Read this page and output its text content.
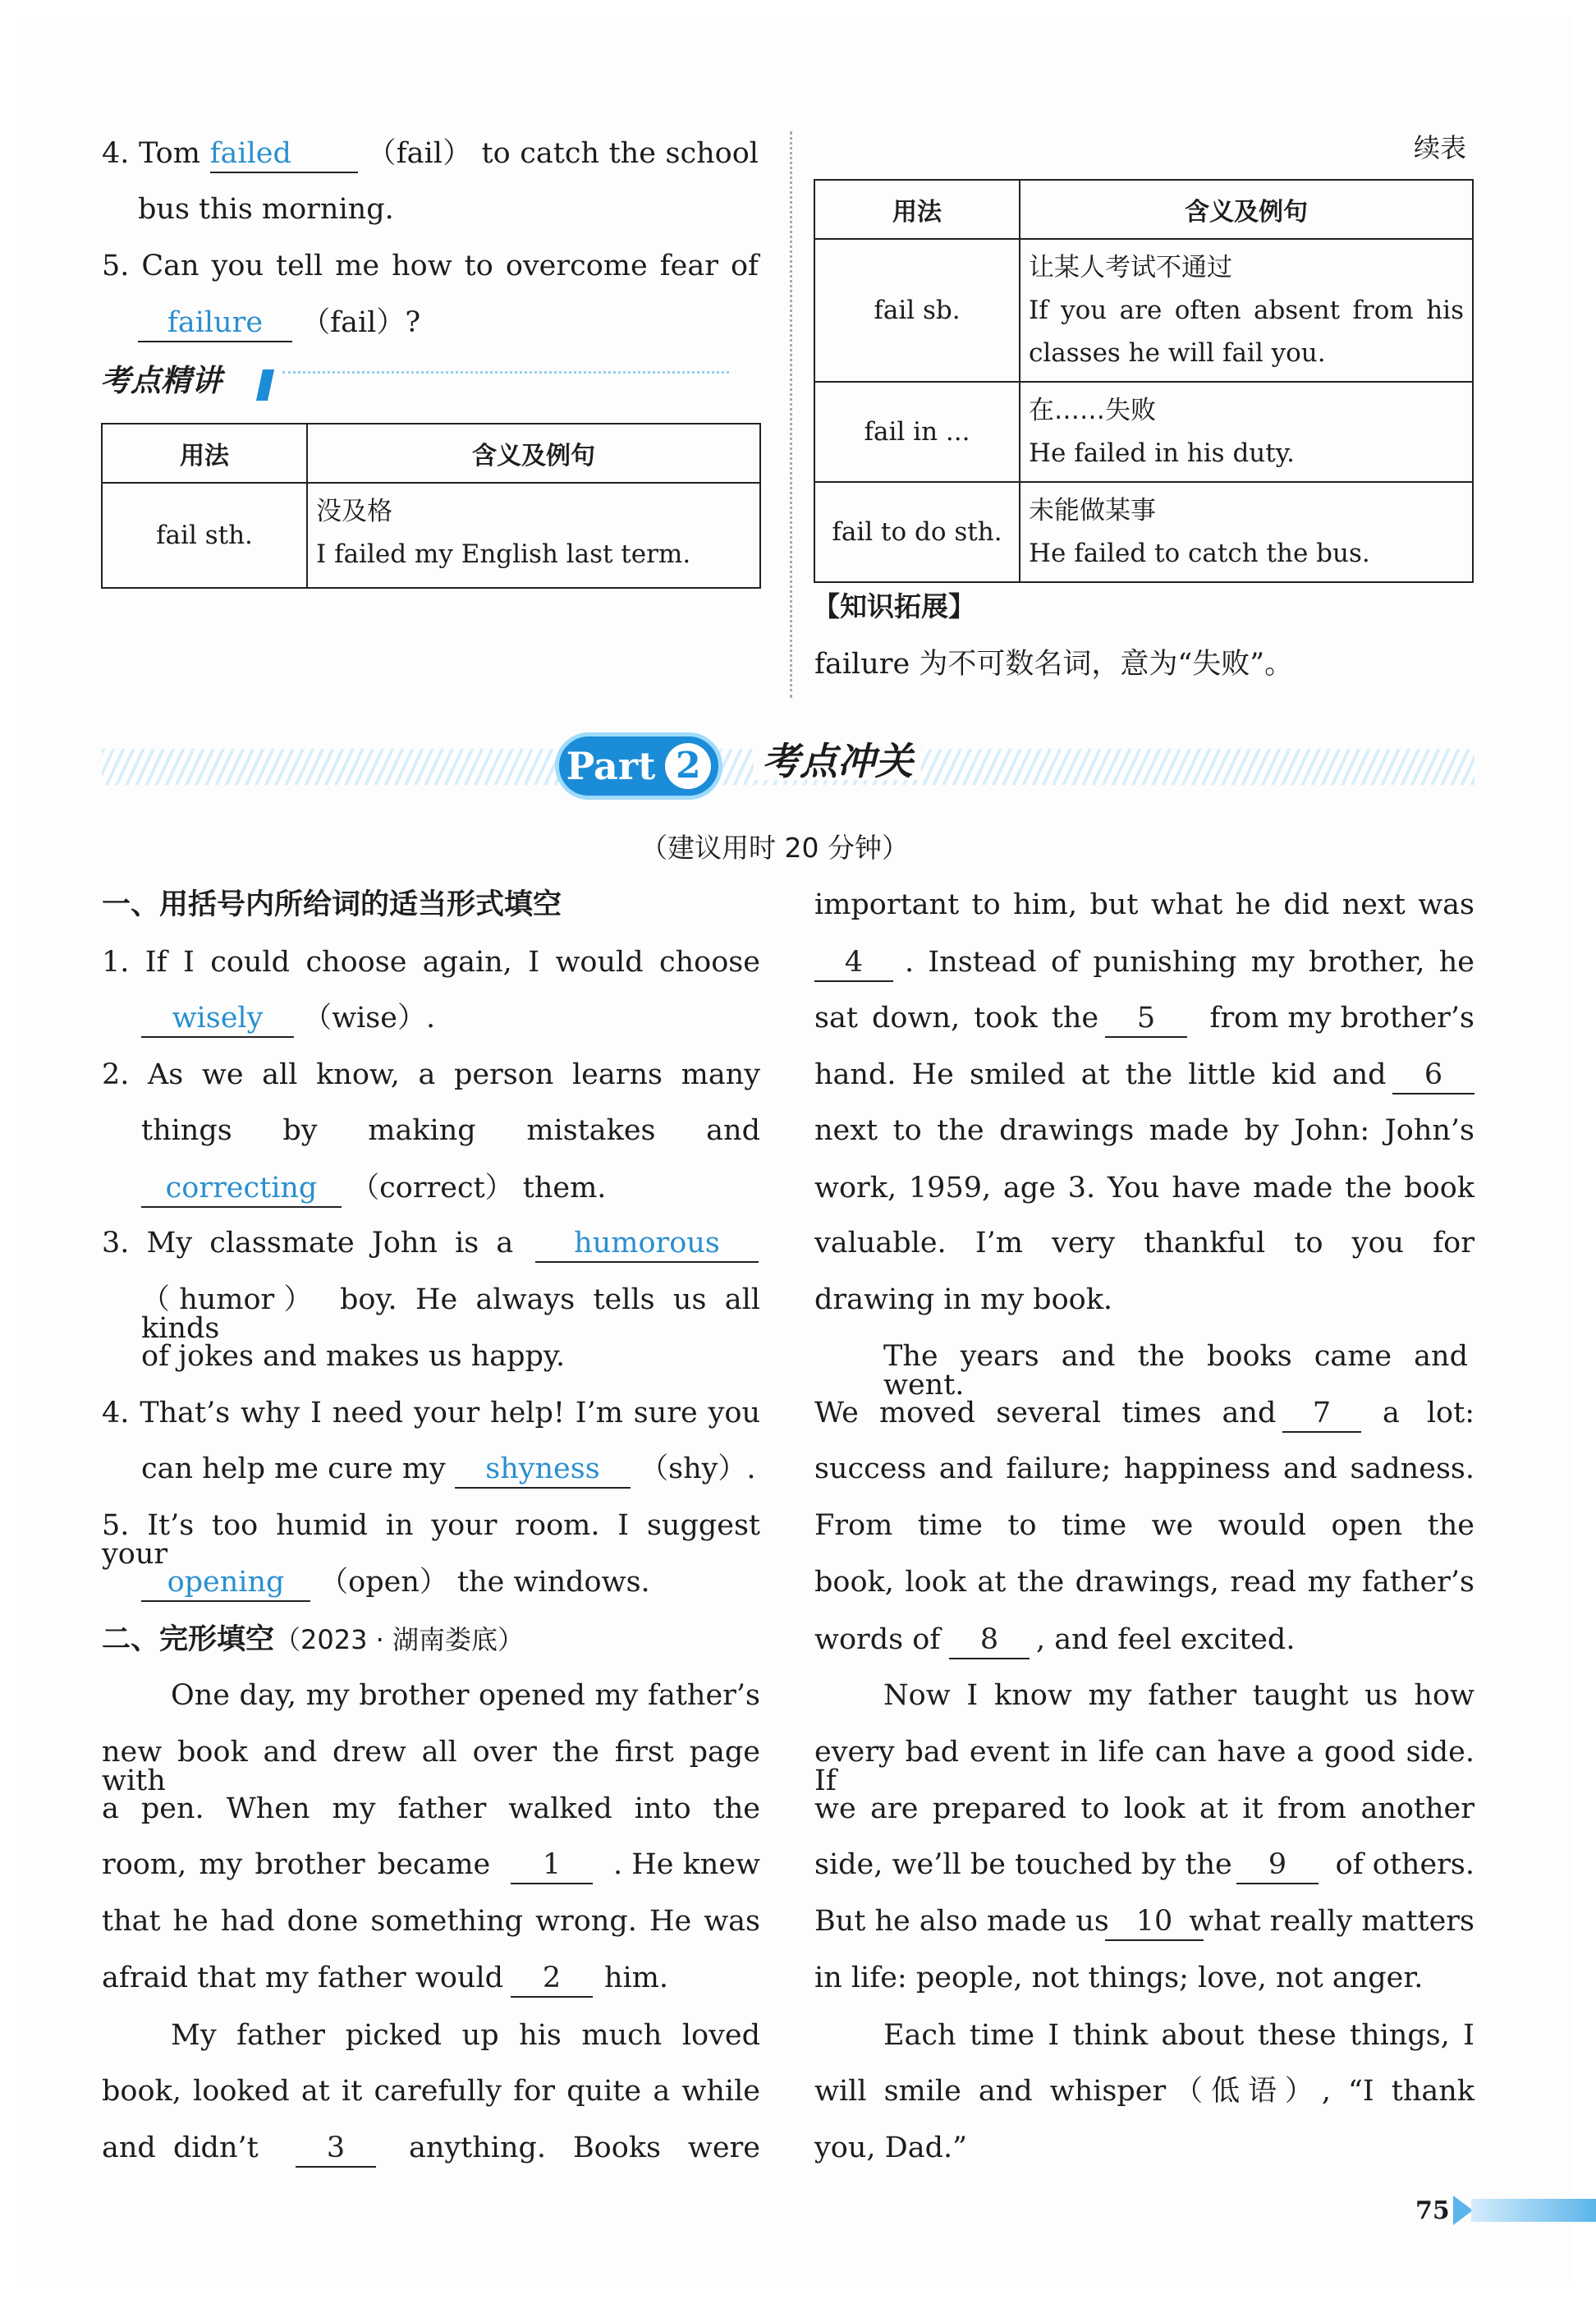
4. Tom failed	（fail） to catch the school
bus this morning.
5. Can you tell me how to overcome fear of
failure （fail）?
考点精讲
用法	含义及例句
fail sth.	没及格
I failed my English last term.
续表
用法	含义及例句
fail sb.	让某人考试不通过
If you are often absent from his
classes he will fail you.

fail in ...	在……失败
He failed in his duty.

fail to do sth.	未能做某事
He failed to catch the bus.
【知识拓展】
failure 为不可数名词，意为“失败”。
Part 2 考点冲关
（建议用时 20 分钟）
一、用括号内所给词的适当形式填空
1. If I could choose again, I would choose
wisely （wise）.
2. As we all know, a person learns many
things by making mistakes and
correcting （correct） them.
3. My classmate John is a	humorous
（humor） boy. He always tells us all kinds
of jokes and makes us happy.
4. That’s why I need your help! I’m sure you
can help me cure my shyness （shy）.
5. It’s too humid in your room. I suggest your
opening （open） the windows.
二、完形填空（2023 · 湖南娄底）
One day, my brother opened my father’s
new book and drew all over the first page with
a pen. When my father walked into the
room, my brother became	1	. He knew
that he had done something wrong. He was
afraid that my father would	2	him.
My father picked up his much loved
book, looked at it carefully for quite a while
and didn’t	3	anything. Books were
important to him, but what he did next was
4 . Instead of punishing my brother, he
sat down, took the	5	from my brother’s
hand. He smiled at the little kid and	6
next to the drawings made by John: John’s
work, 1959, age 3. You have made the book
valuable. I’m very thankful to you for
drawing in my book.
The years and the books came and went.
We moved several times and	7	a lot:
success and failure; happiness and sadness.
From time to time we would open the
book, look at the drawings, read my father’s
words of	8	, and feel excited.
Now I know my father taught us how
every bad event in life can have a good side. If
we are prepared to look at it from another
side, we’ll be touched by the	9	of others.
But he also made us 10 what really matters
in life: people, not things; love, not anger.
Each time I think about these things, I
will smile and whisper（低语）, “I thank
you, Dad.”
75
